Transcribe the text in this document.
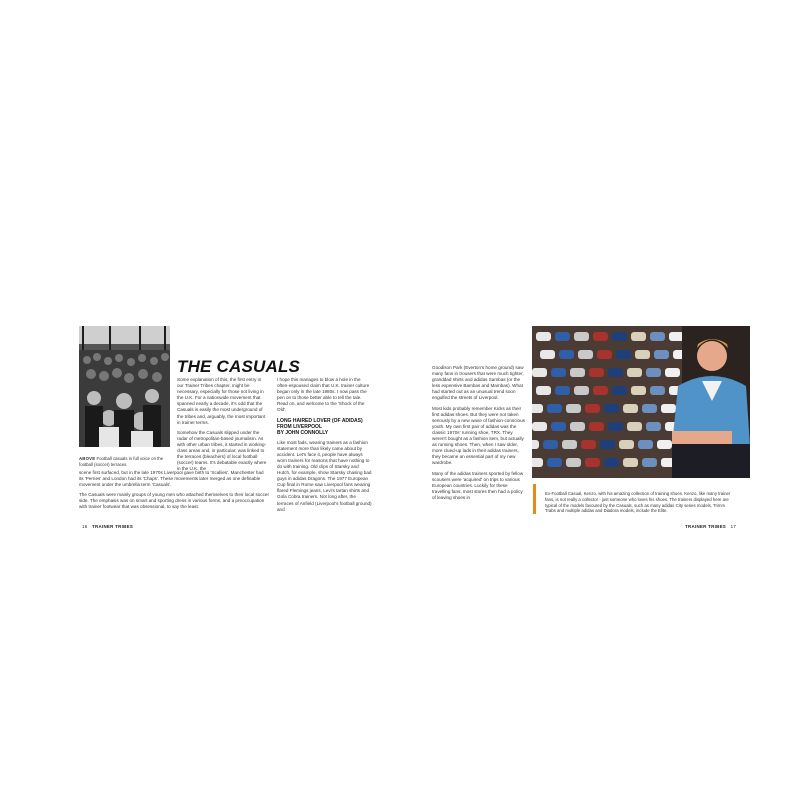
ABOVE Football casuals in full voice on the football (soccer) terraces.
THE CASUALS

Some explanation of this, the first entry in our Trainer Tribes chapter, might be necessary, especially for those not living in the U.K. For a nationwide movement that spanned nearly a decade, it's odd that the Casuals is easily the most underground of the tribes and, arguably, the most important in trainer terms.

Somehow the Casuals slipped under the radar of metropolitan-based journalism. As with other urban tribes, it started in working-class areas and, in particular, was linked to the terraces (bleachers) of local football (soccer) teams. It's debatable exactly where in the U.K. the

scene first surfaced, but in the late 1970s Liverpool gave birth to 'Scallies', Manchester had its 'Perries' and London had its 'Chaps'. These movements later merged as one definable movement under the umbrella term 'Casuals'.

The Casuals were mainly groups of young men who attached themselves to their local soccer side. The emphasis was on smart and sporting dress in various forms, and a preoccupation with trainer footwear that was obsessional, to say the least.

I hope this manages to blow a hole in the often-espoused claim that U.K. trainer culture began only in the late 1980s. I now pass the pen on to those better able to tell the tale. Read on, and welcome to the 'Shock of the Old'.

LONG HAIRED LOVER (OF ADIDAS) FROM LIVERPOOL

BY JOHN CONNOLLY

Like most fads, wearing trainers as a fashion statement more than likely came about by accident. Let's face it, people have always worn trainers for reasons that have nothing to do with training. Old clips of Starsky and Hutch, for example, show Starsky chasing bad guys in adidas Dragons. The 1977 European Cup final in Rome saw Liverpool fans wearing flared Flemings jeans, Levi's tartan shirts and Gola Cobra trainers. Not long after, the terraces of Anfield (Liverpool's football ground) and

Goodison Park (Everton's home ground) saw many fans in trousers that were much tighter, granddad shirts and adidas Sambas (or the less expensive Bambas and Mambas). What had started out as an unusual trend soon engulfed the streets of Liverpool.

Most kids probably remember Kicks as their first adidas shoes. But they were not taken seriously by a new wave of fashion-conscious youth. My own first pair of adidas was the classic 1970s' running shoe, TRX. They weren't bought as a fashion item, but actually as running shoes. Then, when I saw older, more clued-up lads in their adidas trainers, they became an essential part of my new wardrobe.

Many of the adidas trainers sported by fellow scousers were 'acquired' on trips to various European countries. Luckily for these travelling fans, most stores then had a policy of leaving shoes in

Ex-Football Casual, Kenzo, with his amazing collection of training shoes. Kenzo, like many trainer fans, is not really a collector - just someone who loves his shoes. The trainers displayed here are typical of the models favoured by the Casuals, such as many adidas City series models, Trimm Trabs and multiple adidas and Diadora models, include the Elite.
16 TRAINER TRIBES	TRAINER TRIBES 17
